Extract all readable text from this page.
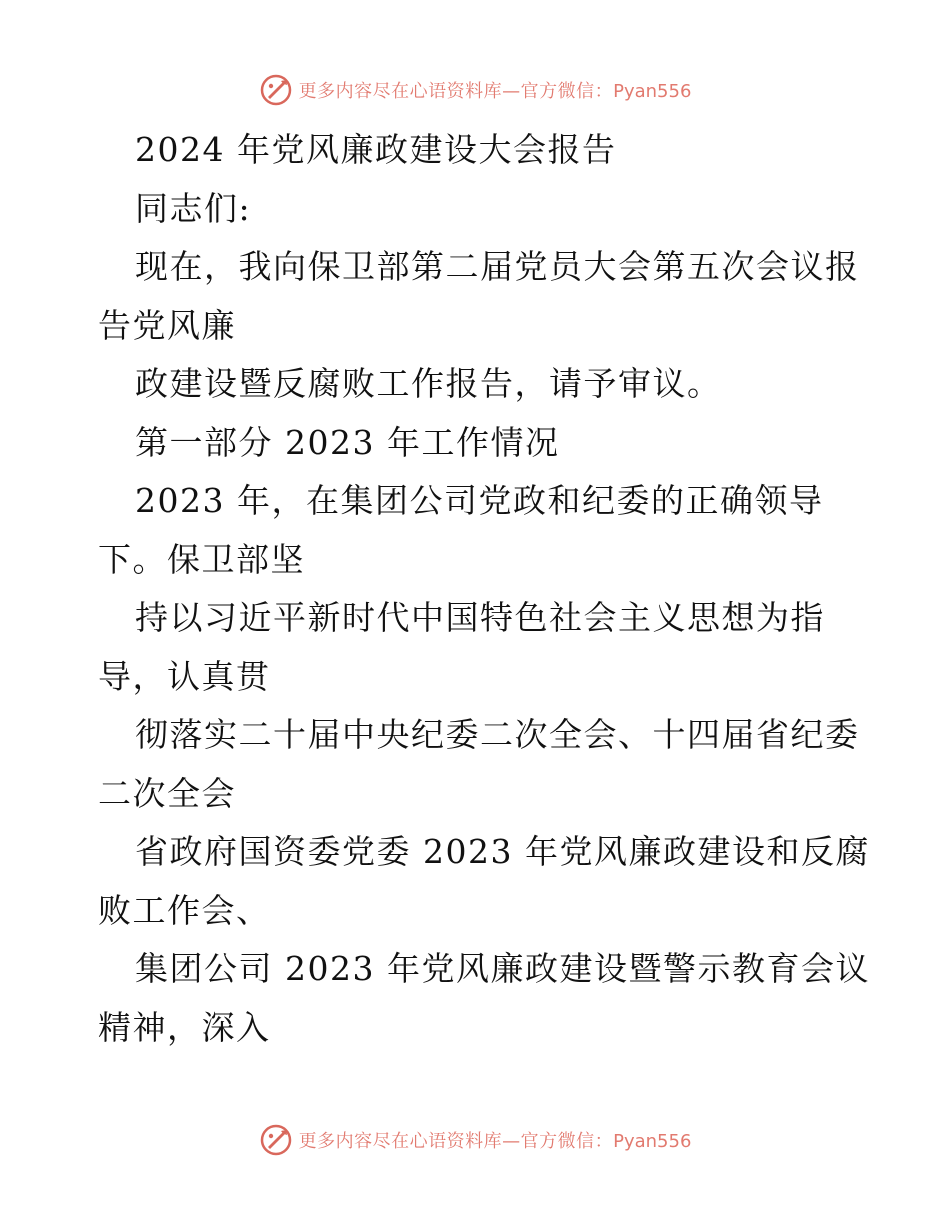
更多内容尽在心语资料库—官方微信：Pyan556
2024 年党风廉政建设大会报告
同志们:
现在，我向保卫部第二届党员大会第五次会议报
告党风廉
政建设暨反腐败工作报告，请予审议。
第一部分 2023 年工作情况
2023 年，在集团公司党政和纪委的正确领导
下。保卫部坚
持以习近平新时代中国特色社会主义思想为指
导，认真贯
彻落实二十届中央纪委二次全会、十四届省纪委
二次全会
省政府国资委党委 2023 年党风廉政建设和反腐
败工作会、
集团公司 2023 年党风廉政建设暨警示教育会议
精神，深入
更多内容尽在心语资料库—官方微信：Pyan556
